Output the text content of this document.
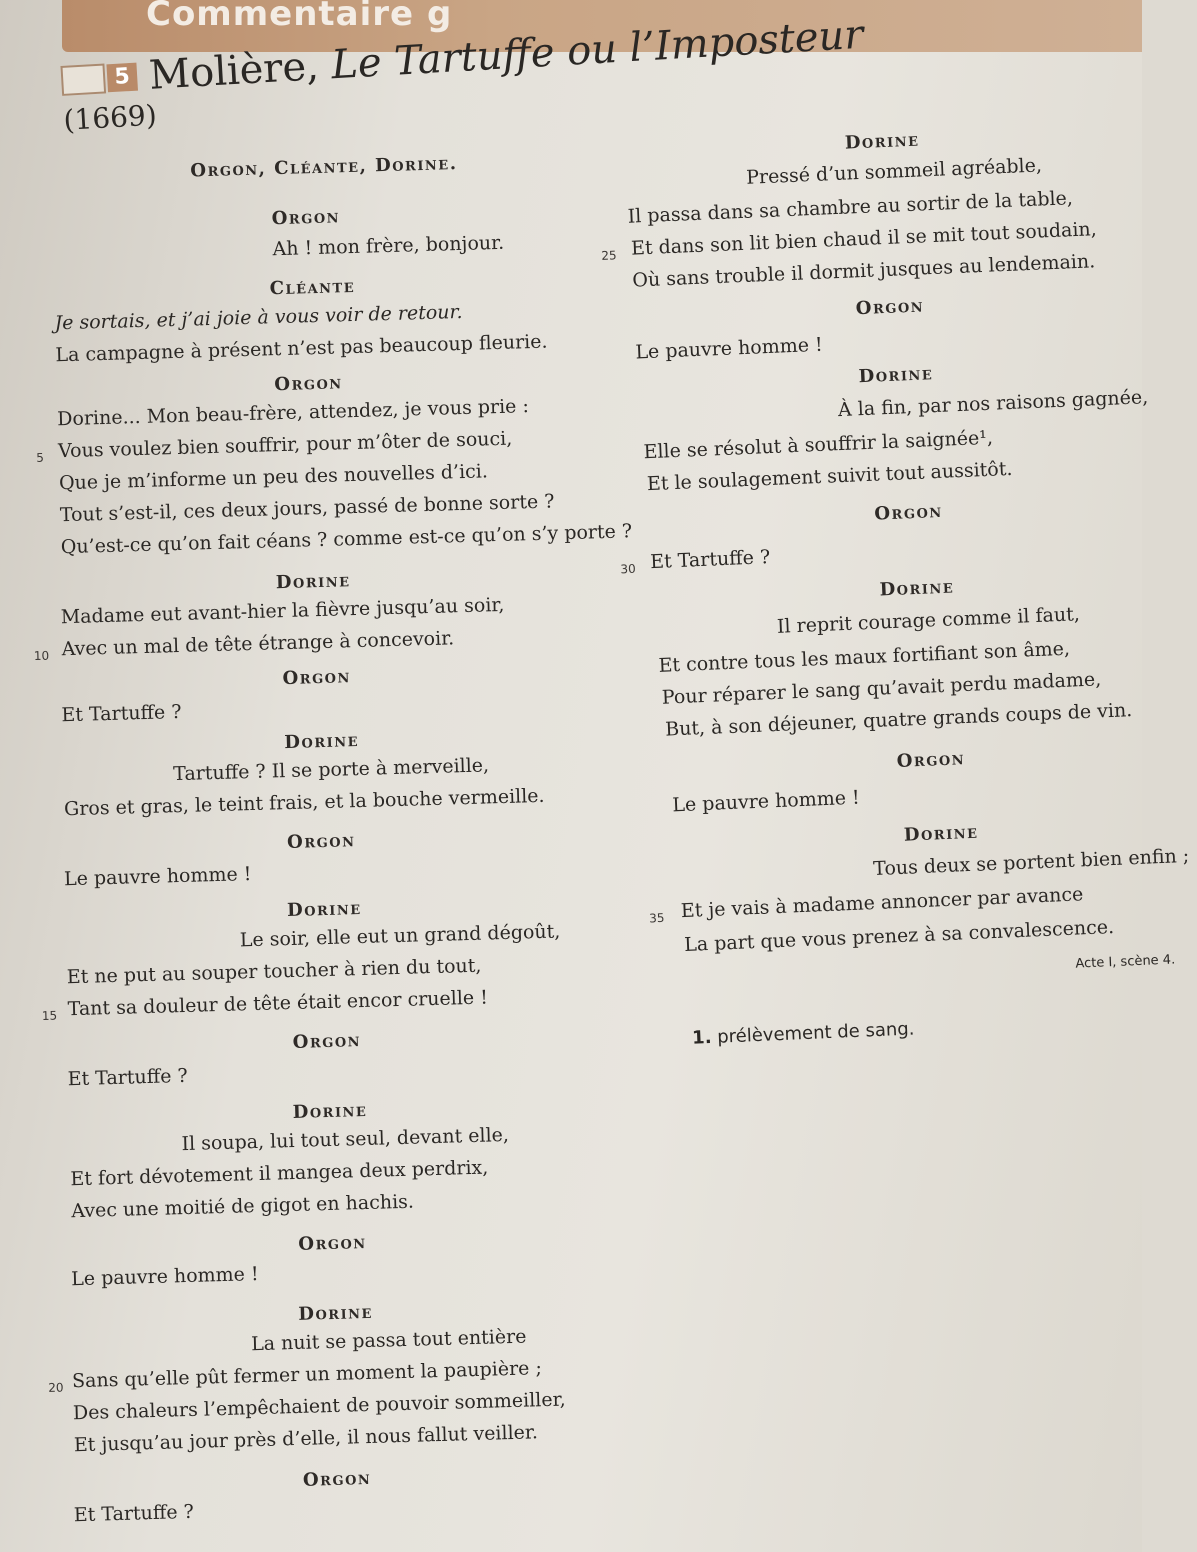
Commentaire g
5 Molière, Le Tartuffe ou l’Imposteur (1669)
Orgon, Cléante, Dorine.
Orgon
Ah ! mon frère, bonjour.
Cléante
Je sortais, et j’ai joie à vous voir de retour.
La campagne à présent n’est pas beaucoup fleurie.
Orgon
Dorine... Mon beau-frère, attendez, je vous prie :
5 Vous voulez bien souffrir, pour m’ôter de souci,
Que je m’informe un peu des nouvelles d’ici.
Tout s’est-il, ces deux jours, passé de bonne sorte ?
Qu’est-ce qu’on fait céans ? comme est-ce qu’on s’y porte ?
Dorine
Madame eut avant-hier la fièvre jusqu’au soir,
10 Avec un mal de tête étrange à concevoir.
Orgon
Et Tartuffe ?
Dorine
Tartuffe ? Il se porte à merveille,
Gros et gras, le teint frais, et la bouche vermeille.
Orgon
Le pauvre homme !
Dorine
Le soir, elle eut un grand dégoût,
Et ne put au souper toucher à rien du tout,
15 Tant sa douleur de tête était encor cruelle !
Orgon
Et Tartuffe ?
Dorine
Il soupa, lui tout seul, devant elle,
Et fort dévotement il mangea deux perdrix,
Avec une moitié de gigot en hachis.
Orgon
Le pauvre homme !
Dorine
La nuit se passa tout entière
20 Sans qu’elle pût fermer un moment la paupière ;
Des chaleurs l’empêchaient de pouvoir sommeiller,
Et jusqu’au jour près d’elle, il nous fallut veiller.
Orgon
Et Tartuffe ?
Dorine
Pressé d’un sommeil agréable,
Il passa dans sa chambre au sortir de la table,
25 Et dans son lit bien chaud il se mit tout soudain,
Où sans trouble il dormit jusques au lendemain.
Orgon
Le pauvre homme !
Dorine
À la fin, par nos raisons gagnée,
Elle se résolut à souffrir la saignée¹,
Et le soulagement suivit tout aussitôt.
Orgon
30 Et Tartuffe ?
Dorine
Il reprit courage comme il faut,
Et contre tous les maux fortifiant son âme,
Pour réparer le sang qu’avait perdu madame,
But, à son déjeuner, quatre grands coups de vin.
Orgon
Le pauvre homme !
Dorine
Tous deux se portent bien enfin ;
35 Et je vais à madame annoncer par avance
La part que vous prenez à sa convalescence.
Acte I, scène 4.
1. prélèvement de sang.
